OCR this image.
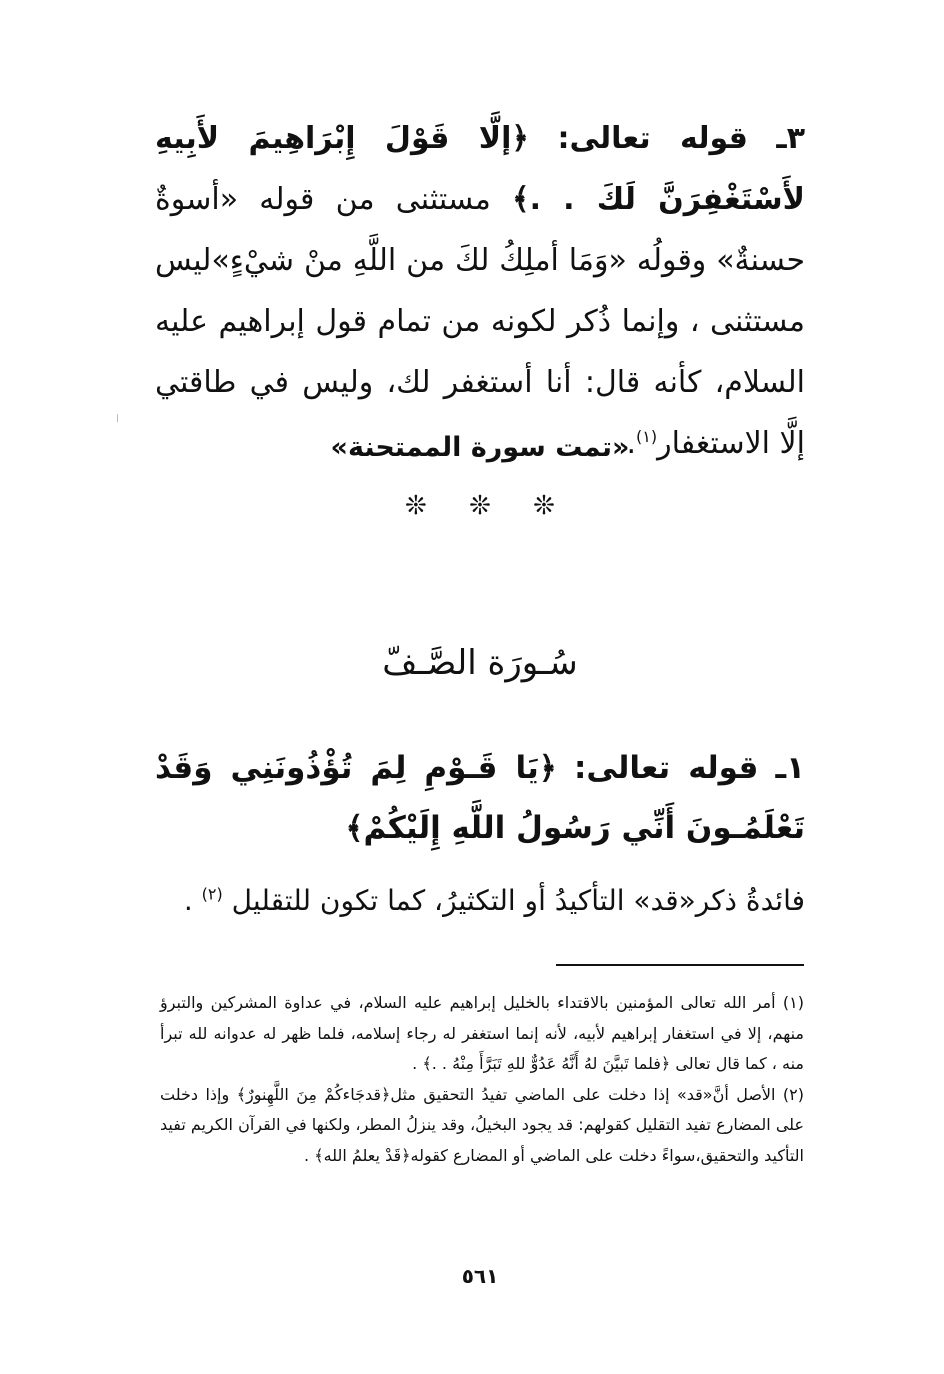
٣ـ قوله تعالى: ﴿إلَّا قَوْلَ إِبْرَاهِيمَ لأَبِيهِ لأَسْتَغْفِرَنَّ لَكَ . .﴾ مستثنى من قوله «أسوةٌ حسنةٌ» وقولُه «وَمَا أملِكُ لكَ من اللَّهِ منْ شيْءٍ»ليس مستثنى ، وإنما ذُكر لكونه من تمام قول إبراهيم عليه السلام، كأنه قال: أنا أستغفر لك، وليس في طاقتي إلَّا الاستغفار$^{(١)}$.
«تمت سورة الممتحنة»
❊ ❊ ❊
سُـورَة الصَّـفّ
١ـ قوله تعالى: ﴿يَا قَـوْمِ لِمَ تُؤْذُونَنِي وَقَدْ تَعْلَمُـونَ أَنِّي رَسُولُ اللَّهِ إِلَيْكُمْ﴾
فائدةُ ذكر«قد» التأكيدُ أو التكثيرُ، كما تكون للتقليل $^{(٢)}$ .

(١) أمر الله تعالى المؤمنين بالاقتداء بالخليل إبراهيم عليه السلام، في عداوة المشركين والتبرؤ منهم، إلا في استغفار إبراهيم لأبيه، لأنه إنما استغفر له رجاء إسلامه، فلما ظهر له عدوانه لله تبرأ منه ، كما قال تعالى ﴿فلما تَبيَّنَ لهُ أَنَّهُ عَدُوٌّ للهِ تَبَرَّأَ مِنْهُ . .﴾ .

(٢) الأصل أنَّ«قد» إذا دخلت على الماضي تفيدُ التحقيق مثل﴿قدجَاءكُمْ مِنَ اللَّهِنورٌ﴾ وإذا دخلت على المضارع تفيد التقليل كقولهم: قد يجود البخيلُ، وقد ينزلُ المطر، ولكنها في القرآن الكريم تفيد التأكيد والتحقيق،سواءً دخلت على الماضي أو المضارع كقوله﴿قَدْ يعلمُ الله﴾ .

٥٦١
